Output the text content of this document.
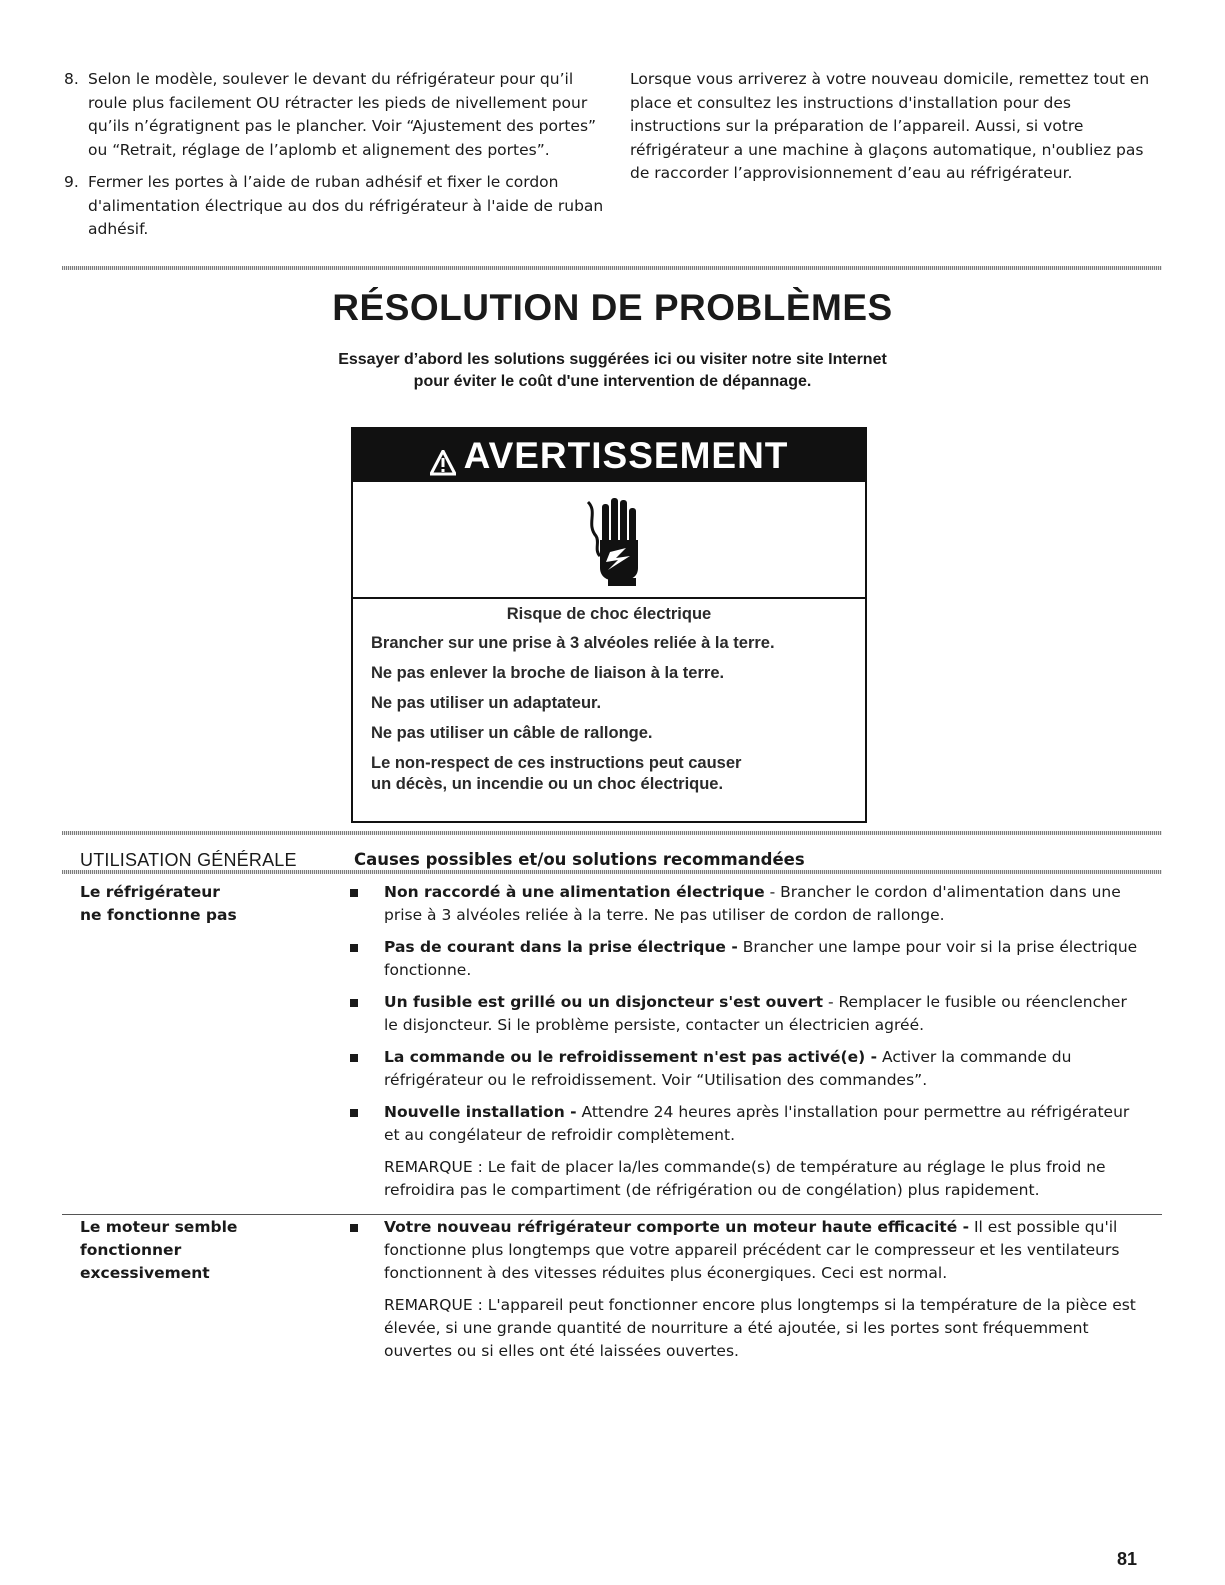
8. Selon le modèle, soulever le devant du réfrigérateur pour qu’il roule plus facilement OU rétracter les pieds de nivellement pour qu’ils n’égratignent pas le plancher. Voir “Ajustement des portes” ou “Retrait, réglage de l’aplomb et alignement des portes”.
9. Fermer les portes à l’aide de ruban adhésif et fixer le cordon d'alimentation électrique au dos du réfrigérateur à l'aide de ruban adhésif.
Lorsque vous arriverez à votre nouveau domicile, remettez tout en place et consultez les instructions d'installation pour des instructions sur la préparation de l’appareil. Aussi, si votre réfrigérateur a une machine à glaçons automatique, n'oubliez pas de raccorder l’approvisionnement d’eau au réfrigérateur.
RÉSOLUTION DE PROBLÈMES
Essayer d’abord les solutions suggérées ici ou visiter notre site Internet
pour éviter le coût d'une intervention de dépannage.
AVERTISSEMENT
Risque de choc électrique
Brancher sur une prise à 3 alvéoles reliée à la terre.
Ne pas enlever la broche de liaison à la terre.
Ne pas utiliser un adaptateur.
Ne pas utiliser un câble de rallonge.
Le non-respect de ces instructions peut causer
un décès, un incendie ou un choc électrique.
UTILISATION GÉNÉRALE	Causes possibles et/ou solutions recommandées
Le réfrigérateur
ne fonctionne pas
Non raccordé à une alimentation électrique - Brancher le cordon d'alimentation dans une prise à 3 alvéoles reliée à la terre. Ne pas utiliser de cordon de rallonge.
Pas de courant dans la prise électrique - Brancher une lampe pour voir si la prise électrique fonctionne.
Un fusible est grillé ou un disjoncteur s'est ouvert - Remplacer le fusible ou réenclencher le disjoncteur. Si le problème persiste, contacter un électricien agréé.
La commande ou le refroidissement n'est pas activé(e) - Activer la commande du réfrigérateur ou le refroidissement. Voir “Utilisation des commandes”.
Nouvelle installation - Attendre 24 heures après l'installation pour permettre au réfrigérateur et au congélateur de refroidir complètement.
REMARQUE : Le fait de placer la/les commande(s) de température au réglage le plus froid ne refroidira pas le compartiment (de réfrigération ou de congélation) plus rapidement.
Le moteur semble fonctionner
excessivement
Votre nouveau réfrigérateur comporte un moteur haute efficacité - Il est possible qu'il fonctionne plus longtemps que votre appareil précédent car le compresseur et les ventilateurs fonctionnent à des vitesses réduites plus éconergiques. Ceci est normal.
REMARQUE : L'appareil peut fonctionner encore plus longtemps si la température de la pièce est élevée, si une grande quantité de nourriture a été ajoutée, si les portes sont fréquemment ouvertes ou si elles ont été laissées ouvertes.
81
